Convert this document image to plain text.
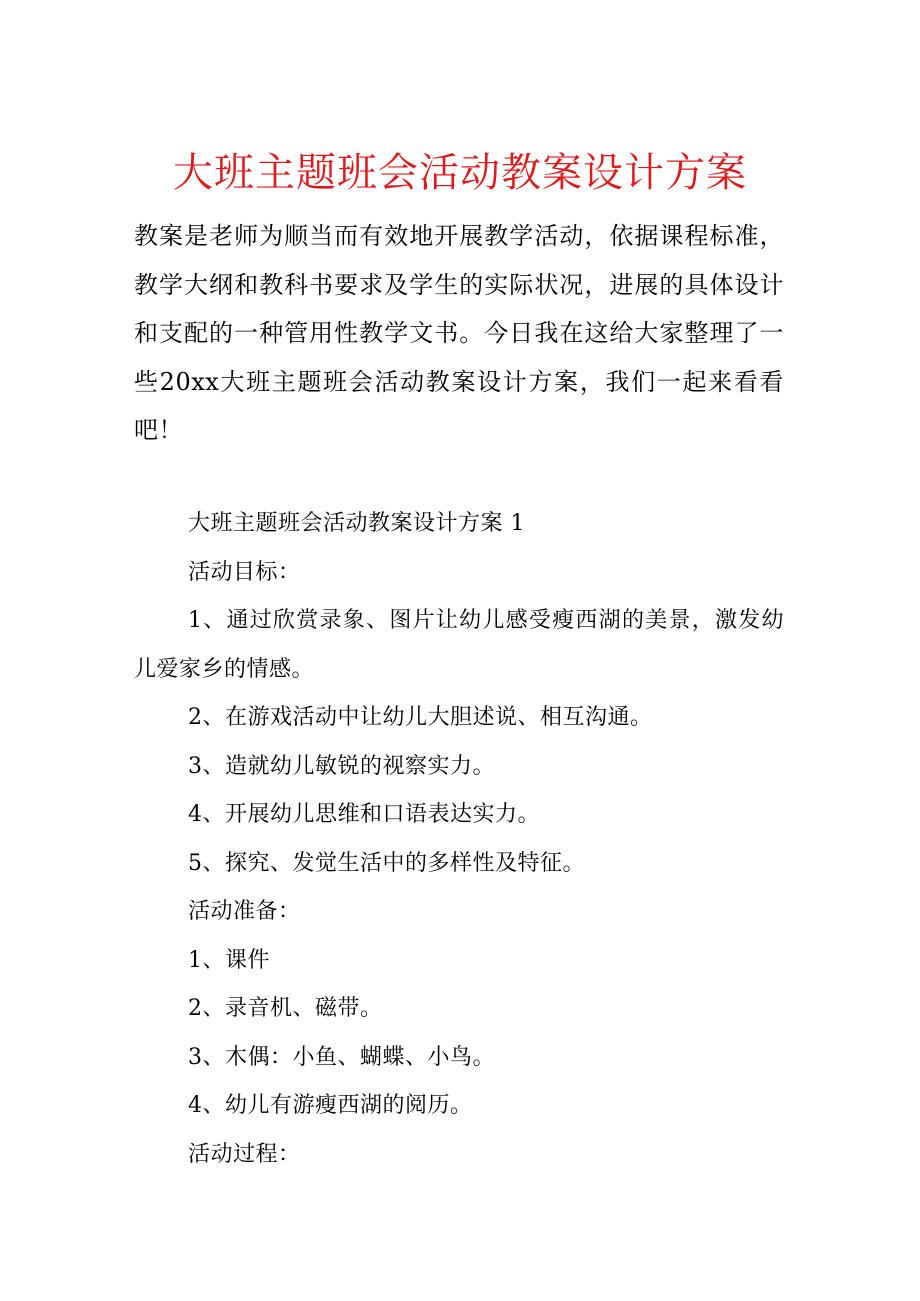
大班主题班会活动教案设计方案

教案是老师为顺当而有效地开展教学活动，依据课程标准，教学大纲和教科书要求及学生的实际状况，进展的具体设计和支配的一种管用性教学文书。今日我在这给大家整理了一些20xx大班主题班会活动教案设计方案，我们一起来看看吧！

大班主题班会活动教案设计方案 1

活动目标：

1、通过欣赏录象、图片让幼儿感受瘦西湖的美景，激发幼儿爱家乡的情感。

2、在游戏活动中让幼儿大胆述说、相互沟通。

3、造就幼儿敏锐的视察实力。

4、开展幼儿思维和口语表达实力。

5、探究、发觉生活中的多样性及特征。

活动准备：

1、课件

2、录音机、磁带。

3、木偶：小鱼、蝴蝶、小鸟。

4、幼儿有游瘦西湖的阅历。

活动过程：
